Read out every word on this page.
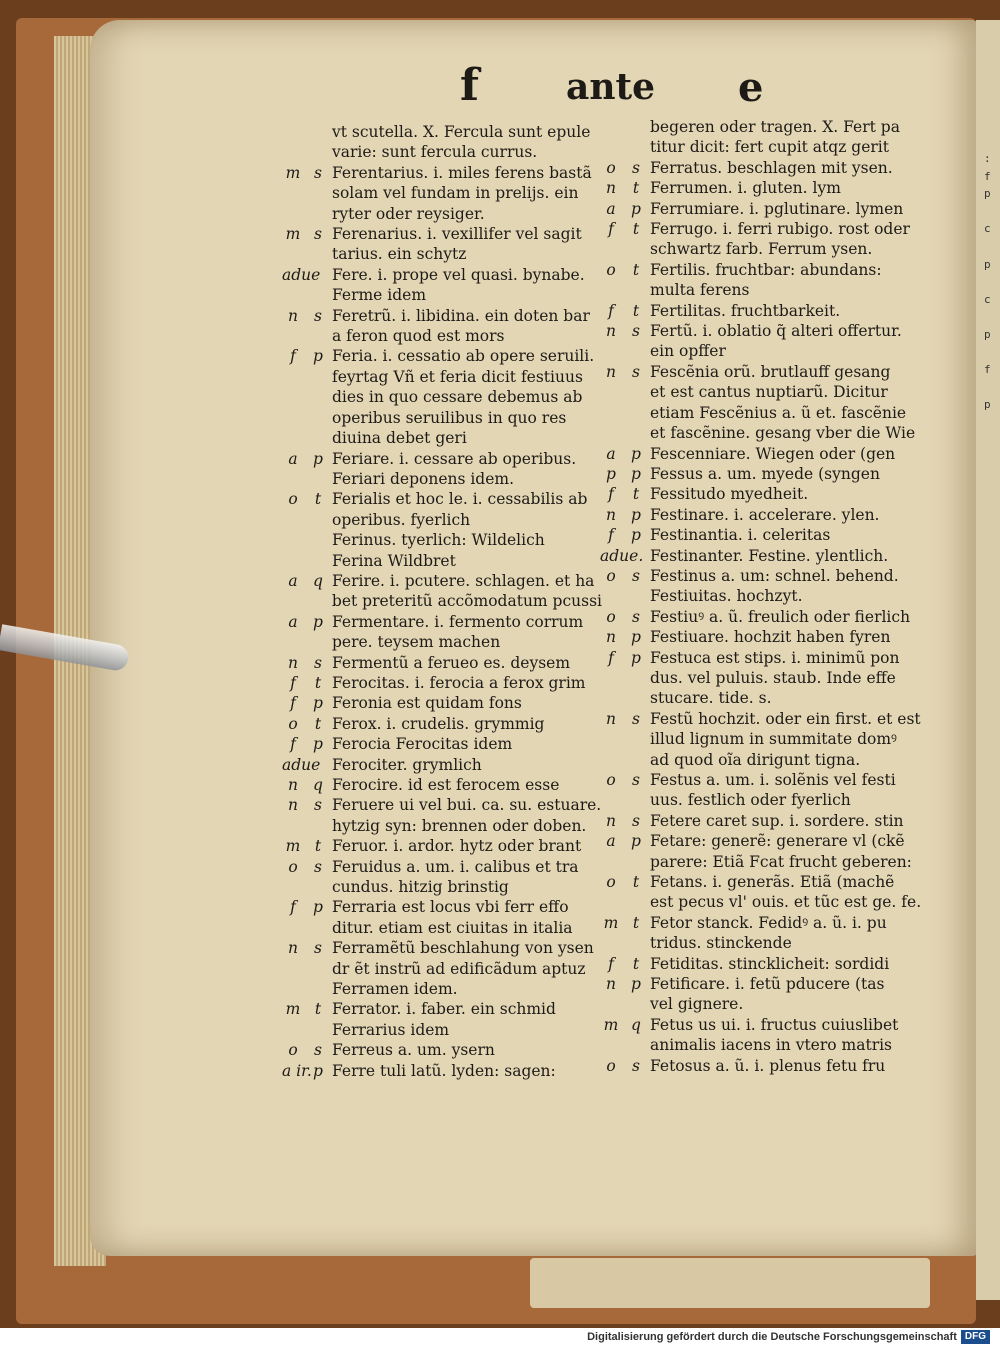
:
f
p

c

p

c

p

f

p
f ante e
vt scutella. X. Fercula sunt epule
varie: sunt fercula currus.
m s Ferentarius. i. miles ferens bastã
solam vel fundam in prelijs. ein
ryter oder reysiger.
m s Ferenarius. i. vexillifer vel sagit
tarius. ein schytz
adue Fere. i. prope vel quasi. bynabe.
Ferme idem
n	s Feretrũ. i. libidina. ein doten bar
a feron quod est mors
f	p Feria. i. cessatio ab opere seruili.
feyrtag Vñ et feria dicit festiuus
dies in quo cessare debemus ab
operibus seruilibus in quo res
diuina debet geri
a p Feriare. i. cessare ab operibus.
Feriari deponens idem.
o	t Ferialis et hoc le. i. cessabilis ab
operibus. fyerlich
Ferinus. tyerlich: Wildelich
Ferina Wildbret
a q Ferire. i. pcutere. schlagen. et ha
bet preteritũ accõmodatum pcussi
a p Fermentare. i. fermento corrum
pere. teysem machen
n	s Fermentũ a ferueo es. deysem
f	t Ferocitas. i. ferocia a ferox grim
f	p Feronia est quidam fons
o	t Ferox. i. crudelis. grymmig
f	p Ferocia Ferocitas idem
adue Ferociter. grymlich
n q Ferocire. id est ferocem esse
n	s Feruere ui vel bui. ca. su. estuare.
hytzig syn: brennen oder doben.
m t Feruor. i. ardor. hytz oder brant
o	s Feruidus a. um. i. calibus et tra
cundus. hitzig brinstig
f	p Ferraria est locus vbi ferr effo
ditur. etiam est ciuitas in italia
n	s Ferramẽtũ beschlahung von ysen
dr ẽt instrũ ad edificãdum aptuz
Ferramen idem.
m t Ferrator. i. faber. ein schmid
Ferrarius idem
o	s Ferreus a. um. ysern
a ir. p Ferre tuli latũ. lyden: sagen:
begeren oder tragen. X. Fert pa
titur dicit: fert cupit atqz gerit
o	s Ferratus. beschlagen mit ysen.
n	t Ferrumen. i. gluten. lym
a p Ferrumiare. i. pglutinare. lymen
f	t Ferrugo. i. ferri rubigo. rost oder
schwartz farb. Ferrum ysen.
o	t Fertilis. fruchtbar: abundans:
multa ferens
f	t Fertilitas. fruchtbarkeit.
n	s Fertũ. i. oblatio q̃ alteri offertur.
ein opffer
n	s Fescẽnia orũ. brutlauff gesang
et est cantus nuptiarũ. Dicitur
etiam Fescẽnius a. ũ et. fascẽnie
et fascẽnine. gesang vber die Wie
a p Fescenniare. Wiegen oder (gen
p p Fessus a. um. myede (syngen
f	t Fessitudo myedheit.
n p Festinare. i. accelerare. ylen.
f	p Festinantia. i. celeritas
adue. Festinanter. Festine. ylentlich.
o	s Festinus a. um: schnel. behend.
Festiuitas. hochzyt.
o	s Festiuꝰ a. ũ. freulich oder fierlich
n p Festiuare. hochzit haben fyren
f	p Festuca est stips. i. minimũ pon
dus. vel puluis. staub. Inde effe
stucare. tide. s.
n	s Festũ hochzit. oder ein first. et est
illud lignum in summitate domꝰ
ad quod oĩa dirigunt tigna.
o	s Festus a. um. i. solẽnis vel festi
uus. festlich oder fyerlich
n	s Fetere caret sup. i. sordere. stin
a p Fetare: generẽ: generare vl (ckẽ
parere: Etiã Fcat frucht geberen:
o	t Fetans. i. generãs. Etiã (machẽ
est pecus vl' ouis. et tũc est ge. fe.
m t Fetor stanck. Fedidꝰ a. ũ. i. pu
tridus. stinckende
f	t Fetiditas. stincklicheit: sordidi
n p Fetificare. i. fetũ pducere (tas
vel gignere.
m q Fetus us ui. i. fructus cuiuslibet
animalis iacens in vtero matris
o	s Fetosus a. ũ. i. plenus fetu fru
Digitalisierung gefördert durch die Deutsche Forschungsgemeinschaft DFG
